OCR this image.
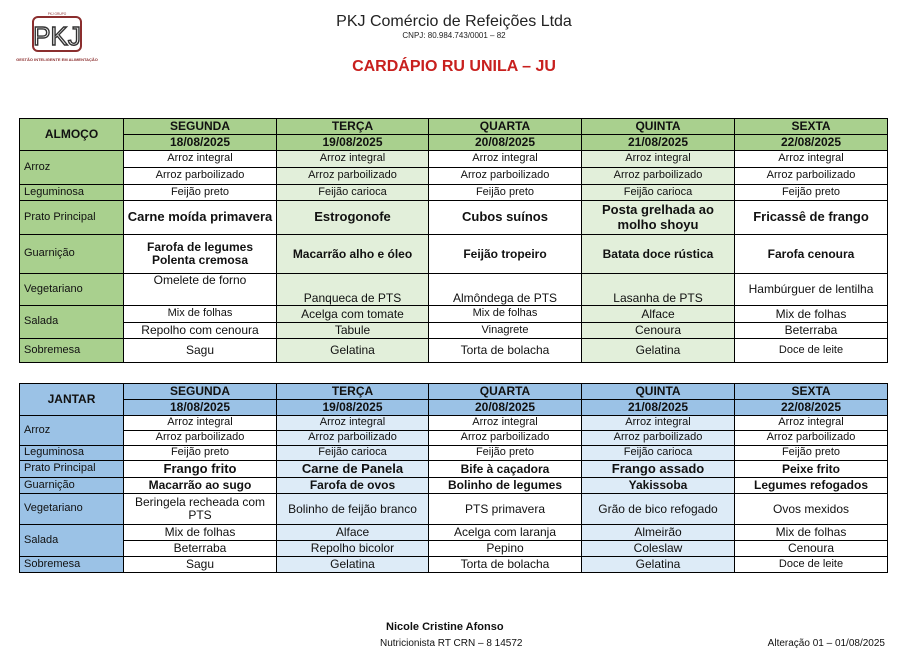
PKJ GRUPO
PKJ
GESTÃO INTELIGENTE EM ALIMENTAÇÃO
PKJ Comércio de Refeições Ltda
CNPJ: 80.984.743/0001 – 82
CARDÁPIO RU UNILA – JU
ALMOÇO	SEGUNDA	TERÇA	QUARTA	QUINTA	SEXTA
	18/08/2025	19/08/2025	20/08/2025	21/08/2025	22/08/2025
Arroz	Arroz integral	Arroz integral	Arroz integral	Arroz integral	Arroz integral
	Arroz parboilizado	Arroz parboilizado	Arroz parboilizado	Arroz parboilizado	Arroz parboilizado
Leguminosa	Feijão preto	Feijão carioca	Feijão preto	Feijão carioca	Feijão preto
Prato Principal	Carne moída primavera	Estrogonofe	Cubos suínos	Posta grelhada ao molho shoyu	Fricassê de frango
Guarnição	Farofa de legumes Polenta cremosa	Macarrão alho e óleo	Feijão tropeiro	Batata doce rústica	Farofa cenoura
Vegetariano	Omelete de forno	Panqueca de PTS	Almôndega de PTS	Lasanha de PTS	Hambúrguer de lentilha
Salada	Mix de folhas	Acelga com tomate	Mix de folhas	Alface	Mix de folhas
	Repolho com cenoura	Tabule	Vinagrete	Cenoura	Beterraba
Sobremesa	Sagu	Gelatina	Torta de bolacha	Gelatina	Doce de leite
JANTAR	SEGUNDA	TERÇA	QUARTA	QUINTA	SEXTA
	18/08/2025	19/08/2025	20/08/2025	21/08/2025	22/08/2025
Arroz	Arroz integral	Arroz integral	Arroz integral	Arroz integral	Arroz integral
	Arroz parboilizado	Arroz parboilizado	Arroz parboilizado	Arroz parboilizado	Arroz parboilizado
Leguminosa	Feijão preto	Feijão carioca	Feijão preto	Feijão carioca	Feijão preto
Prato Principal	Frango frito	Carne de Panela	Bife à caçadora	Frango assado	Peixe frito
Guarnição	Macarrão ao sugo	Farofa de ovos	Bolinho de legumes	Yakissoba	Legumes refogados
Vegetariano	Beringela recheada com PTS	Bolinho de feijão branco	PTS primavera	Grão de bico refogado	Ovos mexidos
Salada	Mix de folhas	Alface	Acelga com laranja	Almeirão	Mix de folhas
	Beterraba	Repolho bicolor	Pepino	Coleslaw	Cenoura
Sobremesa	Sagu	Gelatina	Torta de bolacha	Gelatina	Doce de leite
Nicole Cristine Afonso
Nutricionista RT CRN – 8 14572	Alteração 01 – 01/08/2025
